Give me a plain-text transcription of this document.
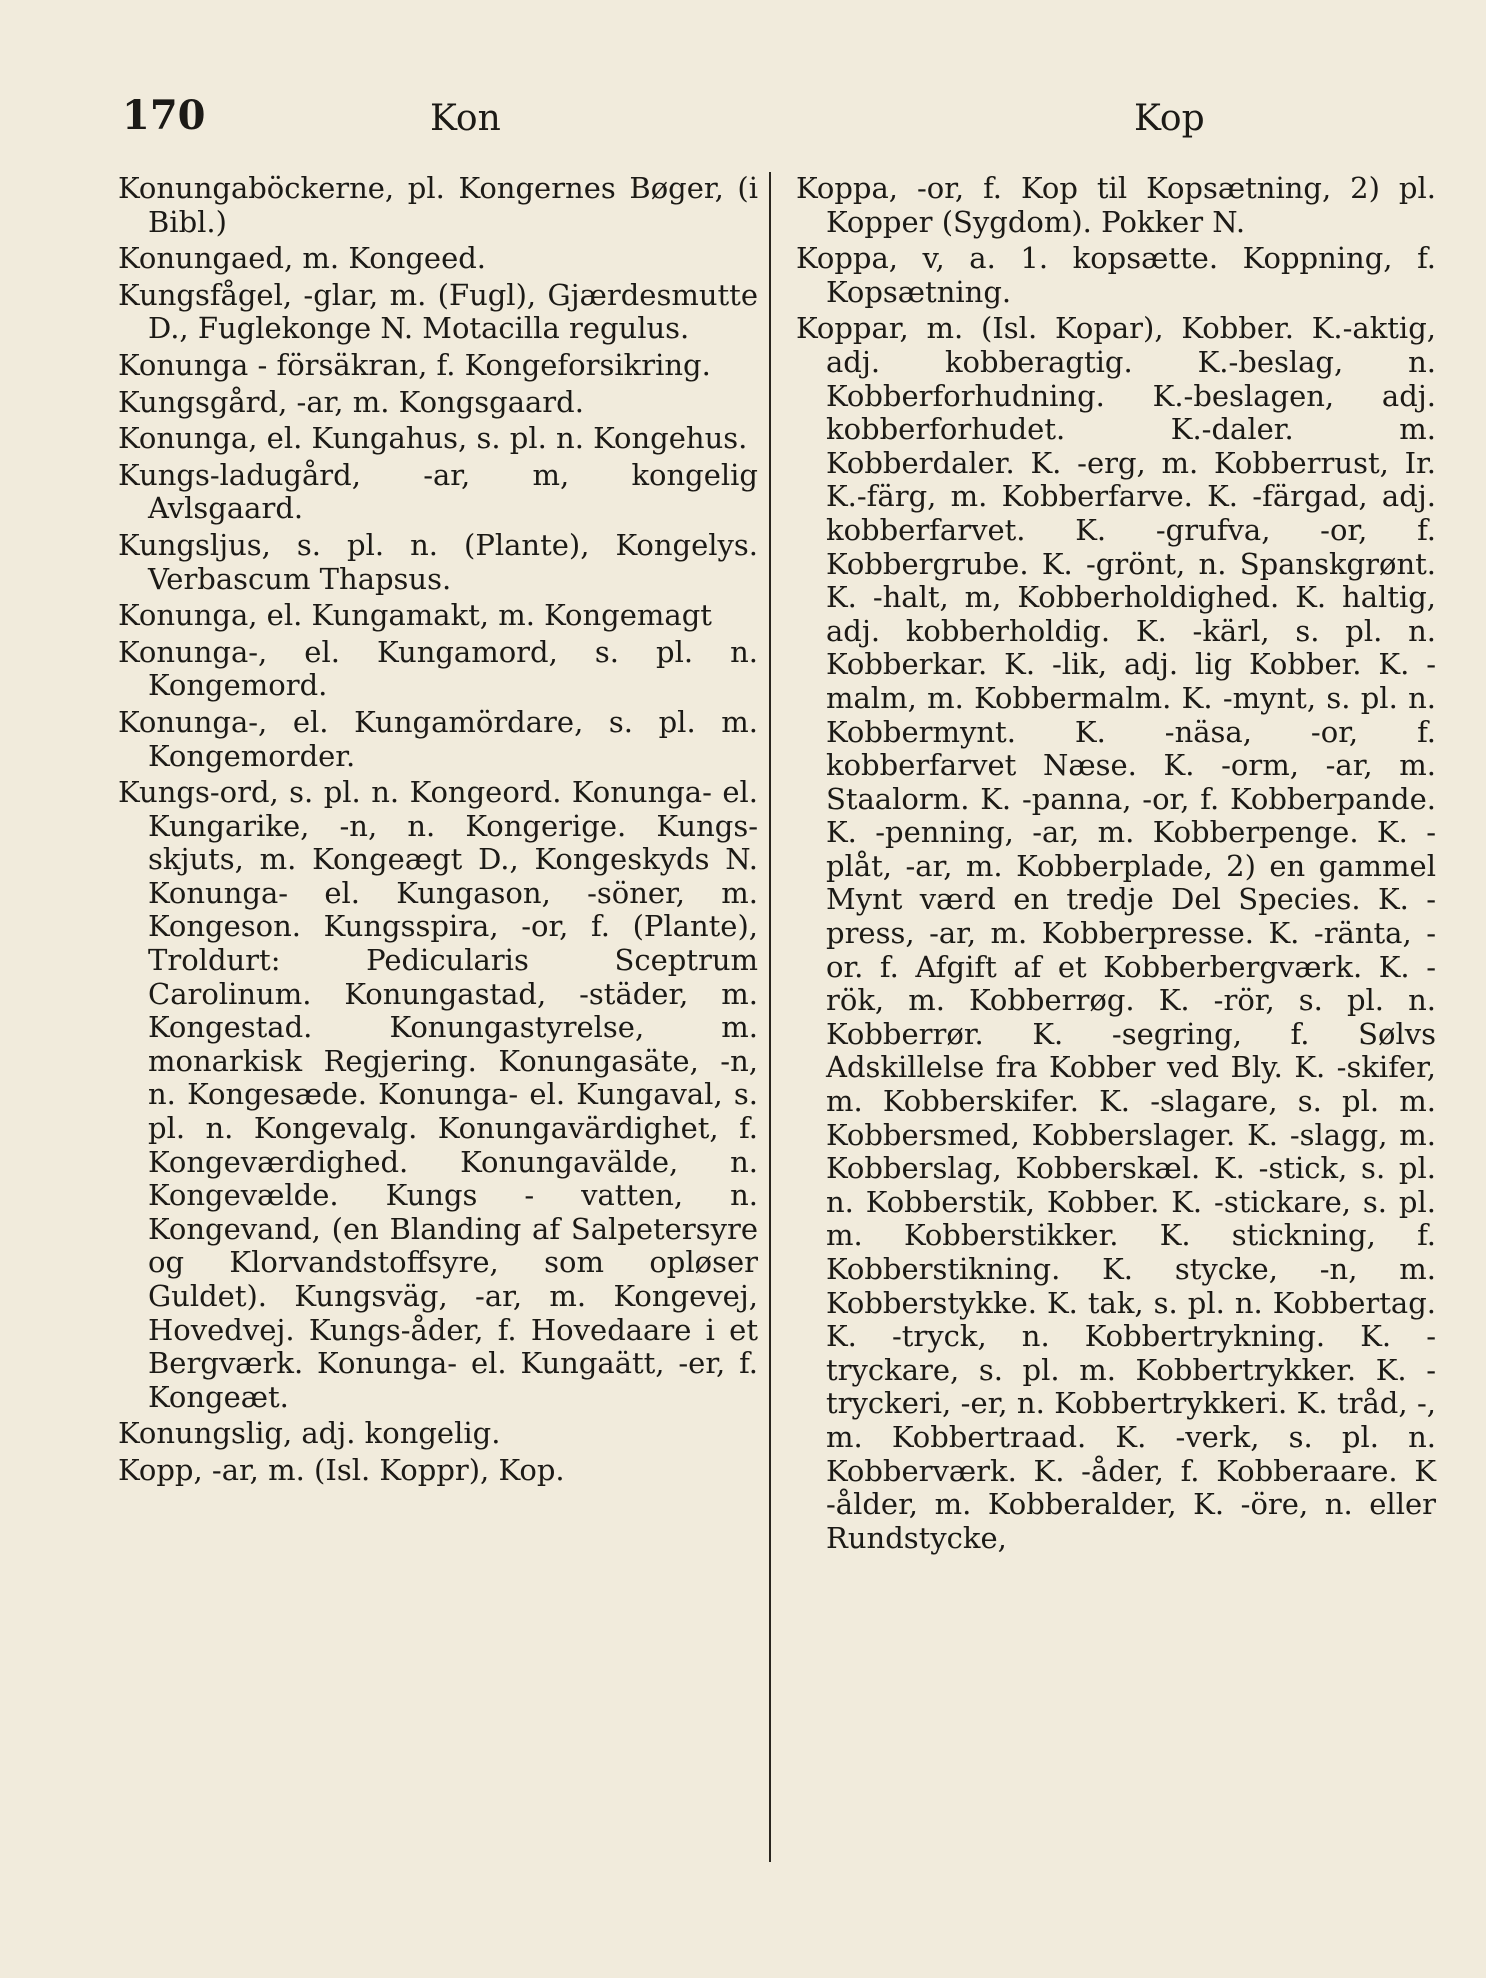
170	Kon	Kop

Konungaböckerne, pl. Kongernes Bøger, (i Bibl.)

Konungaed, m. Kongeed.

Kungsfågel, -glar, m. (Fugl), Gjærdesmutte D., Fuglekonge N. Motacilla regulus.

Konunga - försäkran, f. Kongeforsikring.

Kungsgård, -ar, m. Kongsgaard.

Konunga, el. Kungahus, s. pl. n. Kongehus.

Kungs-ladugård, -ar, m, kongelig Avlsgaard.

Kungsljus, s. pl. n. (Plante), Kongelys. Verbascum Thapsus.

Konunga, el. Kungamakt, m. Kongemagt

Konunga-, el. Kungamord, s. pl. n. Kongemord.

Konunga-, el. Kungamördare, s. pl. m. Kongemorder.

Kungs-ord, s. pl. n. Kongeord. Konunga- el. Kungarike, -n, n. Kongerige. Kungs-skjuts, m. Kongeægt D., Kongeskyds N. Konunga- el. Kungason, -söner, m. Kongeson. Kungsspira, -or, f. (Plante), Troldurt: Pedicularis Sceptrum Carolinum. Konungastad, -städer, m. Kongestad. Konungastyrelse, m. monarkisk Regjering. Konungasäte, -n, n. Kongesæde. Konunga- el. Kungaval, s. pl. n. Kongevalg. Konungavärdighet, f. Kongeværdighed. Konungavälde, n. Kongevælde. Kungs - vatten, n. Kongevand, (en Blanding af Salpetersyre og Klorvandstoffsyre, som opløser Guldet). Kungsväg, -ar, m. Kongevej, Hovedvej. Kungs-åder, f. Hovedaare i et Bergværk. Konunga- el. Kungaätt, -er, f. Kongeæt.

Konungslig, adj. kongelig.

Kopp, -ar, m. (Isl. Koppr), Kop.

Koppa, -or, f. Kop til Kopsætning, 2) pl. Kopper (Sygdom). Pokker N.

Koppa, v, a. 1. kopsætte. Koppning, f. Kopsætning.

Koppar, m. (Isl. Kopar), Kobber. K.-aktig, adj. kobberagtig. K.-beslag, n. Kobberforhudning. K.-beslagen, adj. kobberforhudet. K.-daler. m. Kobberdaler. K. -erg, m. Kobberrust, Ir. K.-färg, m. Kobberfarve. K. -färgad, adj. kobberfarvet. K. -grufva, -or, f. Kobbergrube. K. -grönt, n. Spanskgrønt. K. -halt, m, Kobberholdighed. K. haltig, adj. kobberholdig. K. -kärl, s. pl. n. Kobberkar. K. -lik, adj. lig Kobber. K. -malm, m. Kobbermalm. K. -mynt, s. pl. n. Kobbermynt. K. -näsa, -or, f. kobberfarvet Næse. K. -orm, -ar, m. Staalorm. K. -panna, -or, f. Kobberpande. K. -penning, -ar, m. Kobberpenge. K. -plåt, -ar, m. Kobberplade, 2) en gammel Mynt værd en tredje Del Species. K. -press, -ar, m. Kobberpresse. K. -ränta, -or. f. Afgift af et Kobberbergværk. K. -rök, m. Kobberrøg. K. -rör, s. pl. n. Kobberrør. K. -segring, f. Sølvs Adskillelse fra Kobber ved Bly. K. -skifer, m. Kobberskifer. K. -slagare, s. pl. m. Kobbersmed, Kobberslager. K. -slagg, m. Kobberslag, Kobberskæl. K. -stick, s. pl. n. Kobberstik, Kobber. K. -stickare, s. pl. m. Kobberstikker. K. stickning, f. Kobberstikning. K. stycke, -n, m. Kobberstykke. K. tak, s. pl. n. Kobbertag. K. -tryck, n. Kobbertrykning. K. -tryckare, s. pl. m. Kobbertrykker. K. -tryckeri, -er, n. Kobbertrykkeri. K. tråd, -, m. Kobbertraad. K. -verk, s. pl. n. Kobberværk. K. -åder, f. Kobberaare. K -ålder, m. Kobberalder, K. -öre, n. eller Rundstycke,
